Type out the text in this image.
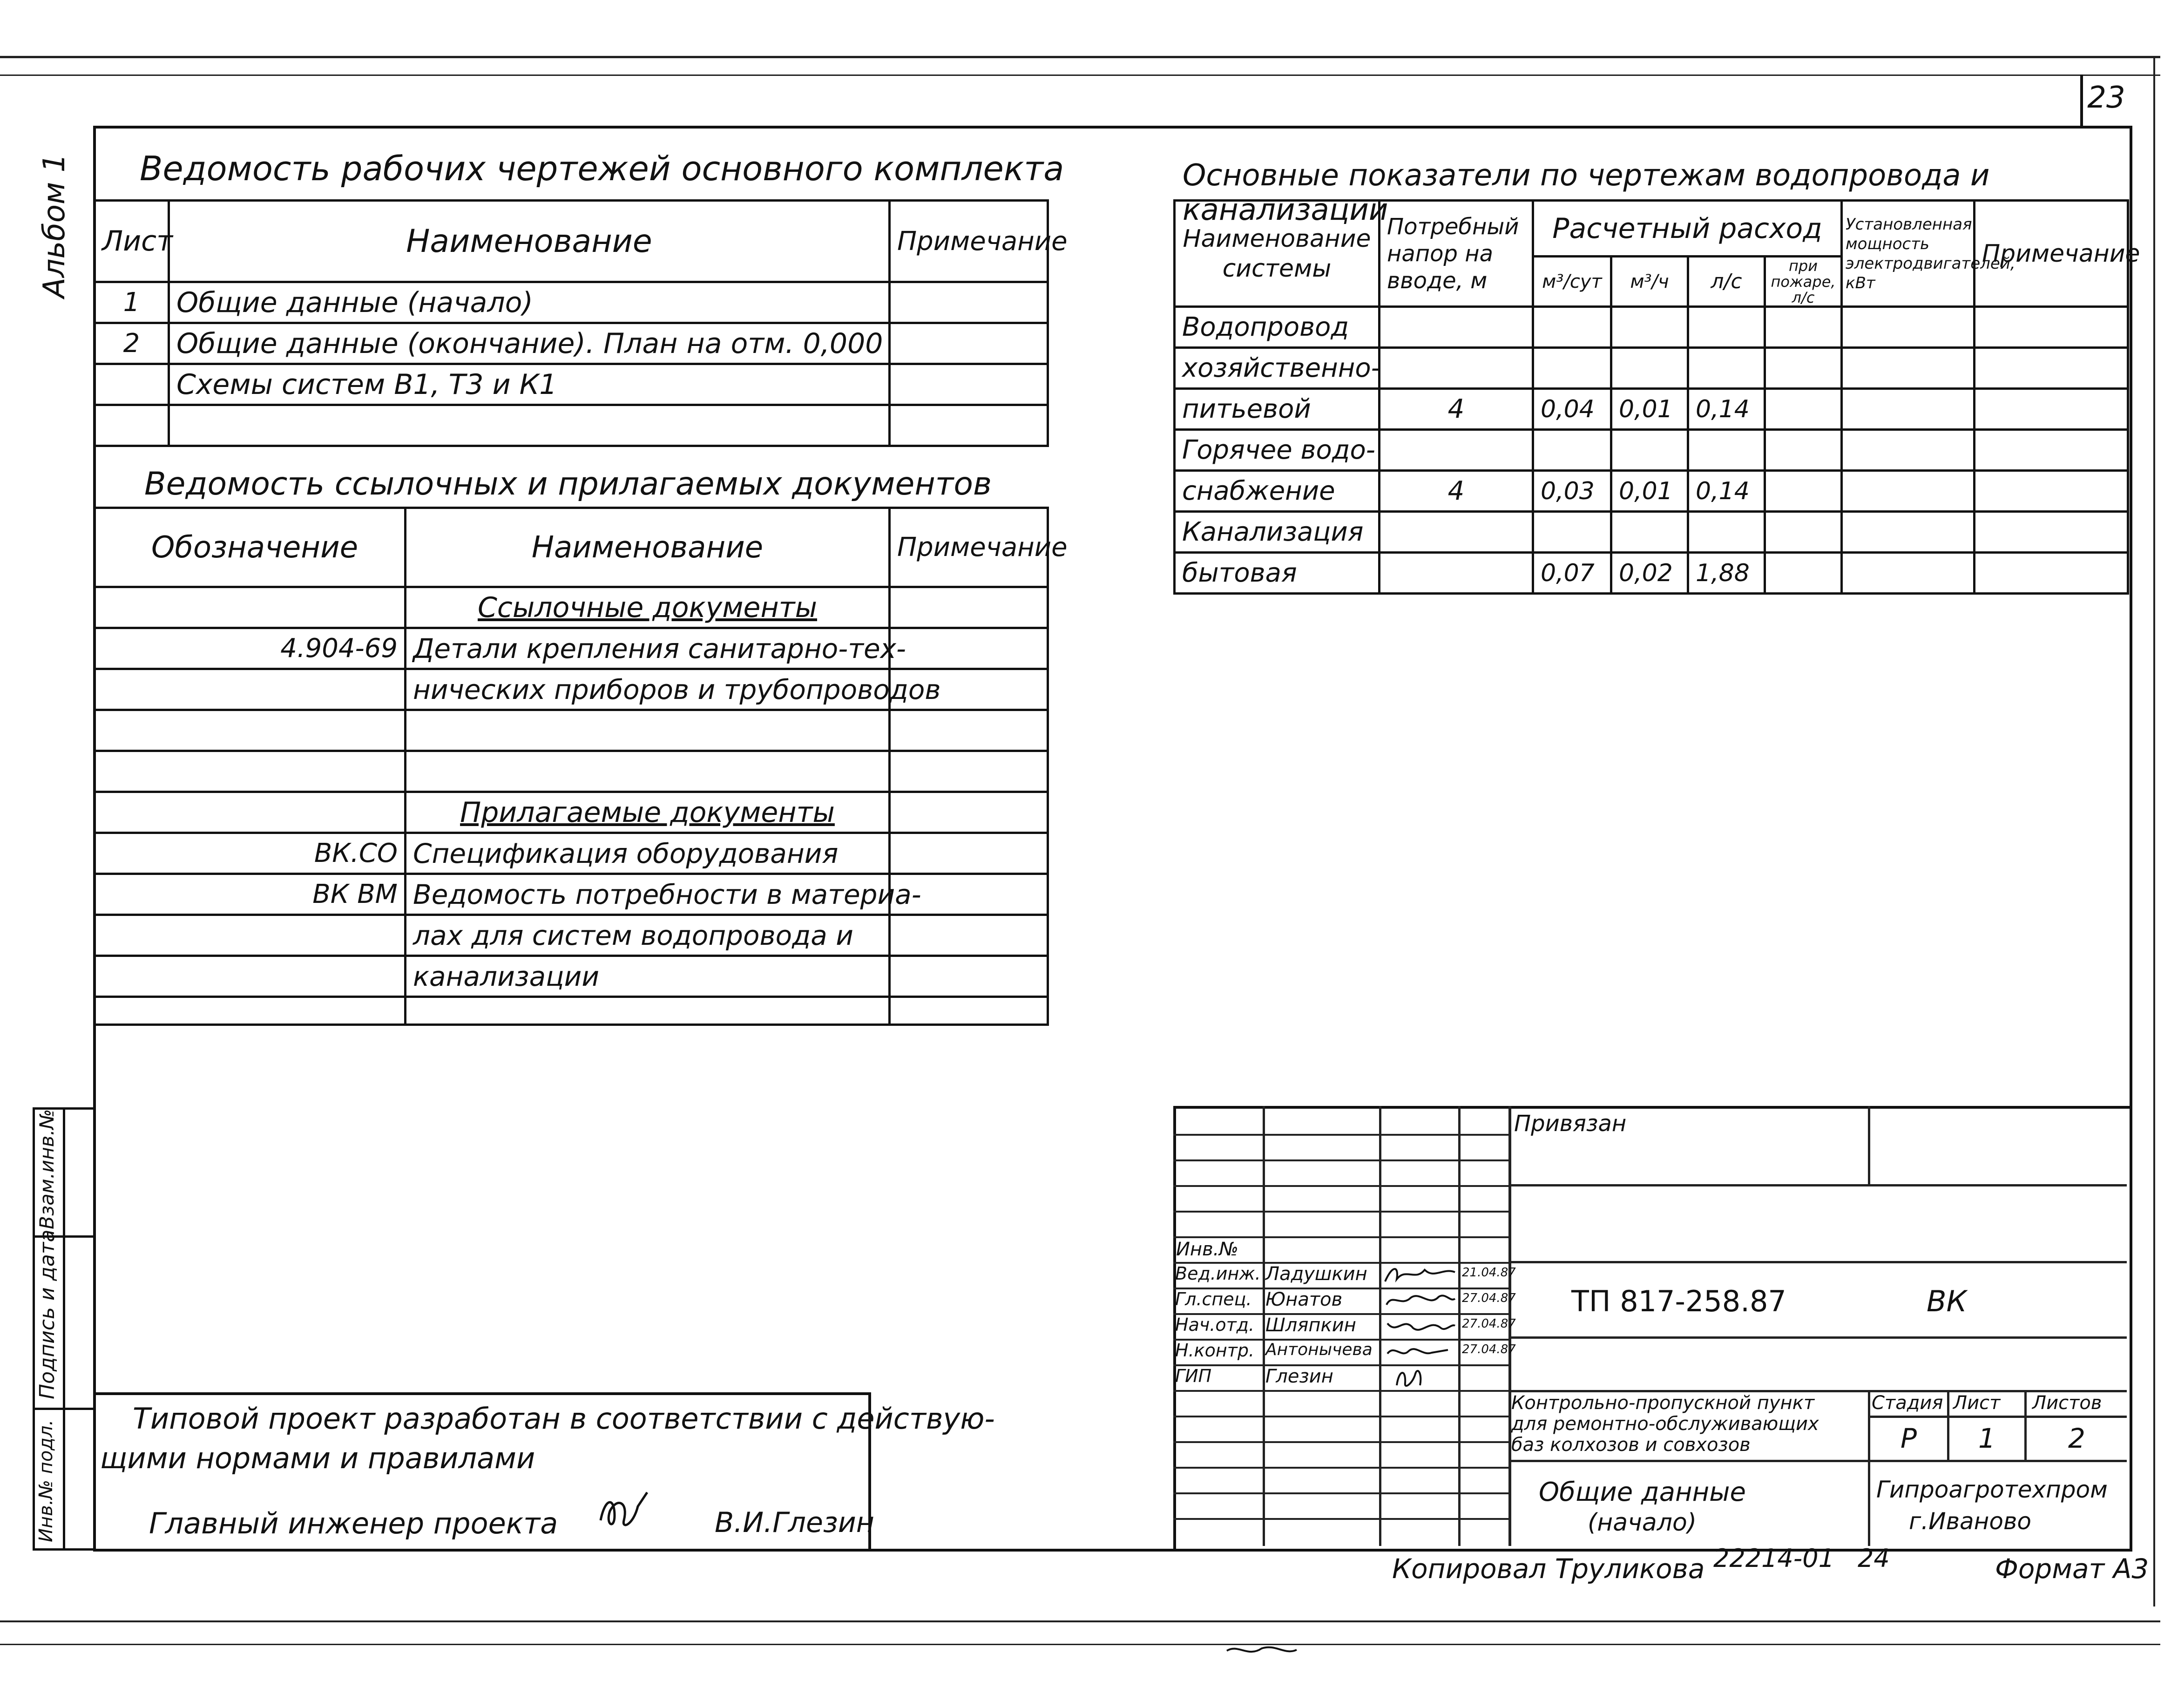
23
Альбом 1 Ведомость рабочих чертежей основного комплекта
Лист	Наименование	Примечание
1	Общие данные (начало)	
2	Общие данные (окончание). План на отм. 0,000	
	Схемы систем В1, Т3 и К1	

Ведомость ссылочных и прилагаемых документов
Обозначение	Наименование	Примечание
	Ссылочные документы	
4.904-69	Детали крепления санитарно-тех-	
	нических приборов и трубопроводов	

	Прилагаемые документы	
ВК.СО	Спецификация оборудования	
ВК ВМ	Ведомость потребности в материа-	
	лах для систем водопровода и	
	канализации	

Основные показатели по чертежам водопровода и канализации
Наименование системы	Потребный напор на вводе, м	Расчетный расход				Установленная мощность электродвигателей, кВт	Примечание
		м³/сут	м³/ч	л/с	при пожаре, л/с		
Водопровод							
хозяйственно-							
питьевой	4	0,04	0,01	0,14			
Горячее водо-							
снабжение	4	0,03	0,01	0,14			
Канализация							
бытовая		0,07	0,02	1,88			
Инв.№ подл.
Подпись и дата
Взам.инв.№
Типовой проект разработан в соответствии с действую-
щими нормами и правилами
Главный инженер проекта	В.И.Глезин
Инв.№
Вед.инж. Ладушкин	21.04.87
Гл.спец. Юнатов	27.04.87
Нач.отд. Шляпкин	27.04.87
Н.контр. Антонычева	27.04.87
ГИП	Глезин
Привязан
ТП 817-258.87	ВК
Контрольно-пропускной пункт
для ремонтно-обслуживающих
баз колхозов и совхозов
Стадия Лист Листов
Р	1	2
Общие данные
(начало)
Гипроагротехпром
г.Иваново
Копировал Труликова 22214-01 24	Формат А3
